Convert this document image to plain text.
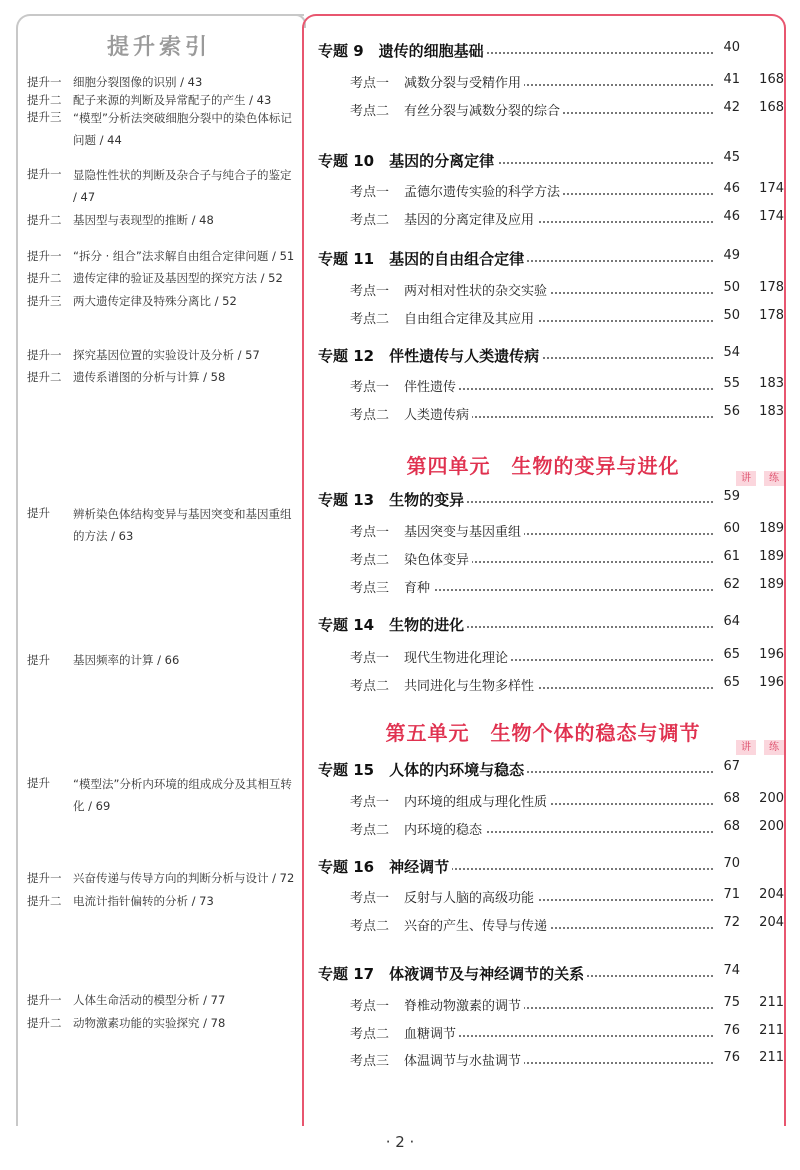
提升索引
提升一 细胞分裂图像的识别 / 43
提升二 配子来源的判断及异常配子的产生 / 43
提升三	“模型”分析法突破细胞分裂中的染色体标记问题 / 44
提升一	显隐性性状的判断及杂合子与纯合子的鉴定 / 47
提升二 基因型与表现型的推断 / 48
提升一 “拆分 · 组合”法求解自由组合定律问题 / 51
提升二 遗传定律的验证及基因型的探究方法 / 52
提升三 两大遗传定律及特殊分离比 / 52
提升一 探究基因位置的实验设计及分析 / 57
提升二 遗传系谱图的分析与计算 / 58
提升	辨析染色体结构变异与基因突变和基因重组的方法 / 63
提升 基因频率的计算 / 66
提升	“模型法”分析内环境的组成成分及其相互转化 / 69
提升一 兴奋传递与传导方向的判断分析与设计 / 72
提升二 电流计指针偏转的分析 / 73
提升一 人体生命活动的模型分析 / 77
提升二 动物激素功能的实验探究 / 78
专题 9　遗传的细胞基础	40
考点一 减数分裂与受精作用	41	168
考点二 有丝分裂与减数分裂的综合	42	168
专题 10　基因的分离定律	45
考点一 孟德尔遗传实验的科学方法	46	174
考点二 基因的分离定律及应用	46	174
专题 11　基因的自由组合定律	49
考点一 两对相对性状的杂交实验	50	178
考点二 自由组合定律及其应用	50	178
专题 12　伴性遗传与人类遗传病	54
考点一 伴性遗传	55	183
考点二 人类遗传病	56	183
专题 13　生物的变异	59
考点一 基因突变与基因重组	60	189
考点二 染色体变异	61	189
考点三 育种	62	189
专题 14　生物的进化	64
考点一 现代生物进化理论	65	196
考点二 共同进化与生物多样性	65	196
专题 15　人体的内环境与稳态	67
考点一 内环境的组成与理化性质	68	200
考点二 内环境的稳态	68	200
专题 16　神经调节	70
考点一 反射与人脑的高级功能	71	204
考点二 兴奋的产生、传导与传递	72	204
专题 17　体液调节及与神经调节的关系	74
考点一 脊椎动物激素的调节	75	211
考点二 血糖调节	76	211
考点三 体温调节与水盐调节	76	211
第四单元　生物的变异与进化
讲	练
第五单元　生物个体的稳态与调节
讲	练
· 2 ·
